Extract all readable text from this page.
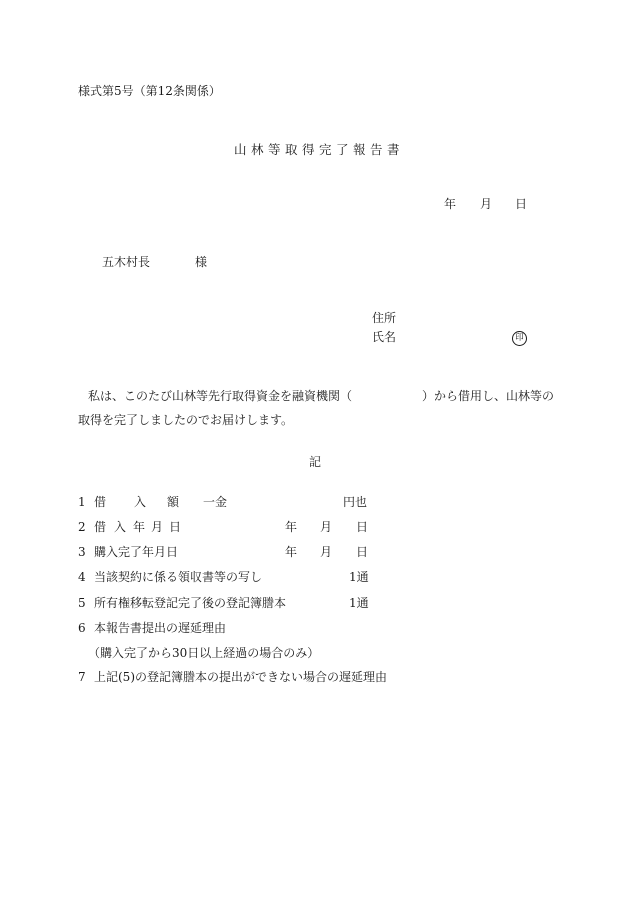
様式第5号（第12条関係）
山林等取得完了報告書
年 月 日
五木村長	様
住所
氏名	印
私は、このたび山林等先行取得資金を融資機関（	）から借用し、山林等の
取得を完了しましたのでお届けします。
記
1 借 入 額 一金	円也
2 借 入 年 月 日	年 月 日
3 購入完了年月日	年 月 日
4 当該契約に係る領収書等の写し	1通
5 所有権移転登記完了後の登記簿謄本	1通
6 本報告書提出の遅延理由
（購入完了から30日以上経過の場合のみ）
7 上記(5)の登記簿謄本の提出ができない場合の遅延理由
